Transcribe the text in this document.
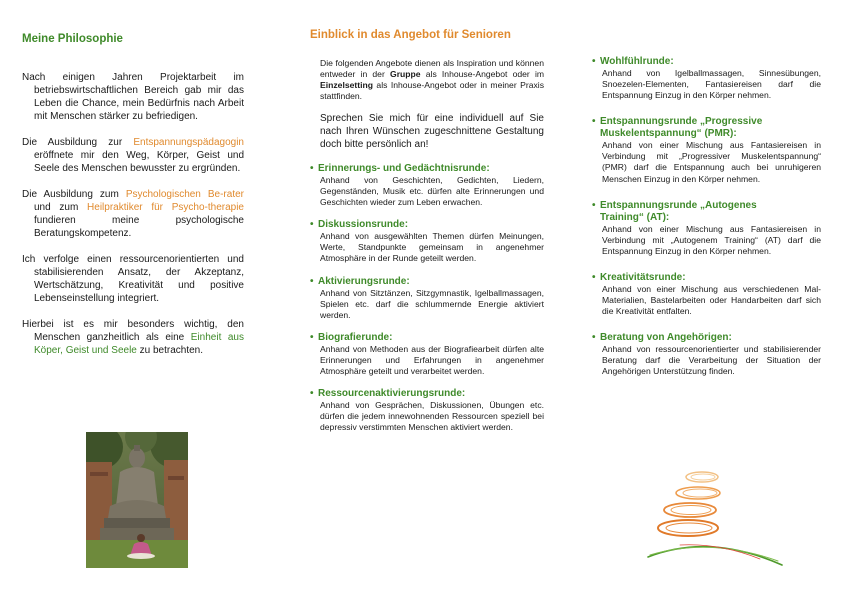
Meine Philosophie

Nach einigen Jahren Projektarbeit im betriebswirtschaftlichen Bereich gab mir das Leben die Chance, mein Bedürfnis nach Arbeit mit Menschen stärker zu befriedigen.

Die Ausbildung zur Entspannungspädagogin eröffnete mir den Weg, Körper, Geist und Seele des Menschen bewusster zu ergründen.

Die Ausbildung zum Psychologischen Be-rater und zum Heilpraktiker für Psycho-therapie fundieren meine psychologische Beratungskompetenz.

Ich verfolge einen ressourcenorientierten und stabilisierenden Ansatz, der Akzeptanz, Wertschätzung, Kreativität und positive Lebenseinstellung integriert.

Hierbei ist es mir besonders wichtig, den Menschen ganzheitlich als eine Einheit aus Köper, Geist und Seele zu betrachten.

Einblick in das Angebot für Senioren

Die folgenden Angebote dienen als Inspiration und können entweder in der Gruppe als Inhouse-Angebot oder im Einzelsetting als Inhouse-Angebot oder in meiner Praxis stattfinden.

Sprechen Sie mich für eine individuell auf Sie nach Ihren Wünschen zugeschnittene Gestaltung doch bitte persönlich an!

• Erinnerungs- und Gedächtnisrunde:
Anhand von Geschichten, Gedichten, Liedern, Gegenständen, Musik etc. dürfen alte Erinnerungen und Geschichten wieder zum Leben erwachen.
• Diskussionsrunde:
Anhand von ausgewählten Themen dürfen Meinungen, Werte, Standpunkte gemeinsam in angenehmer Atmosphäre in der Runde geteilt werden.
• Aktivierungsrunde:
Anhand von Sitztänzen, Sitzgymnastik, Igelballmassagen, Spielen etc. darf die schlummernde Energie aktiviert werden.
• Biografierunde:
Anhand von Methoden aus der Biografiearbeit dürfen alte Erinnerungen und Erfahrungen in angenehmer Atmosphäre geteilt und verarbeitet werden.
• Ressourcenaktivierungsrunde:
Anhand von Gesprächen, Diskussionen, Übungen etc. dürfen die jedem innewohnenden Ressourcen speziell bei depressiv verstimmten Menschen aktiviert werden.
• Wohlfühlrunde:
Anhand von Igelballmassagen, Sinnesübungen, Snoezelen-Elementen, Fantasiereisen darf die Entspannung Einzug in den Körper nehmen.
• Entspannungsrunde „Progressive
Muskelentspannung“ (PMR):
Anhand von einer Mischung aus Fantasiereisen in Verbindung mit „Progressiver Muskelentspannung“ (PMR) darf die Entspannung auch bei unruhigeren Menschen Einzug in den Körper nehmen.
• Entspannungsrunde „Autogenes
Training“ (AT):
Anhand von einer Mischung aus Fantasiereisen in Verbindung mit „Autogenem Training“ (AT) darf die Entspannung Einzug in den Körper nehmen.
• Kreativitätsrunde:
Anhand von einer Mischung aus verschiedenen Mal-Materialien, Bastelarbeiten oder Handarbeiten darf sich die Kreativität entfalten.
• Beratung von Angehörigen:
Anhand von ressourcenorientierter und stabilisierender Beratung darf die Verarbeitung der Situation der Angehörigen Unterstützung finden.
